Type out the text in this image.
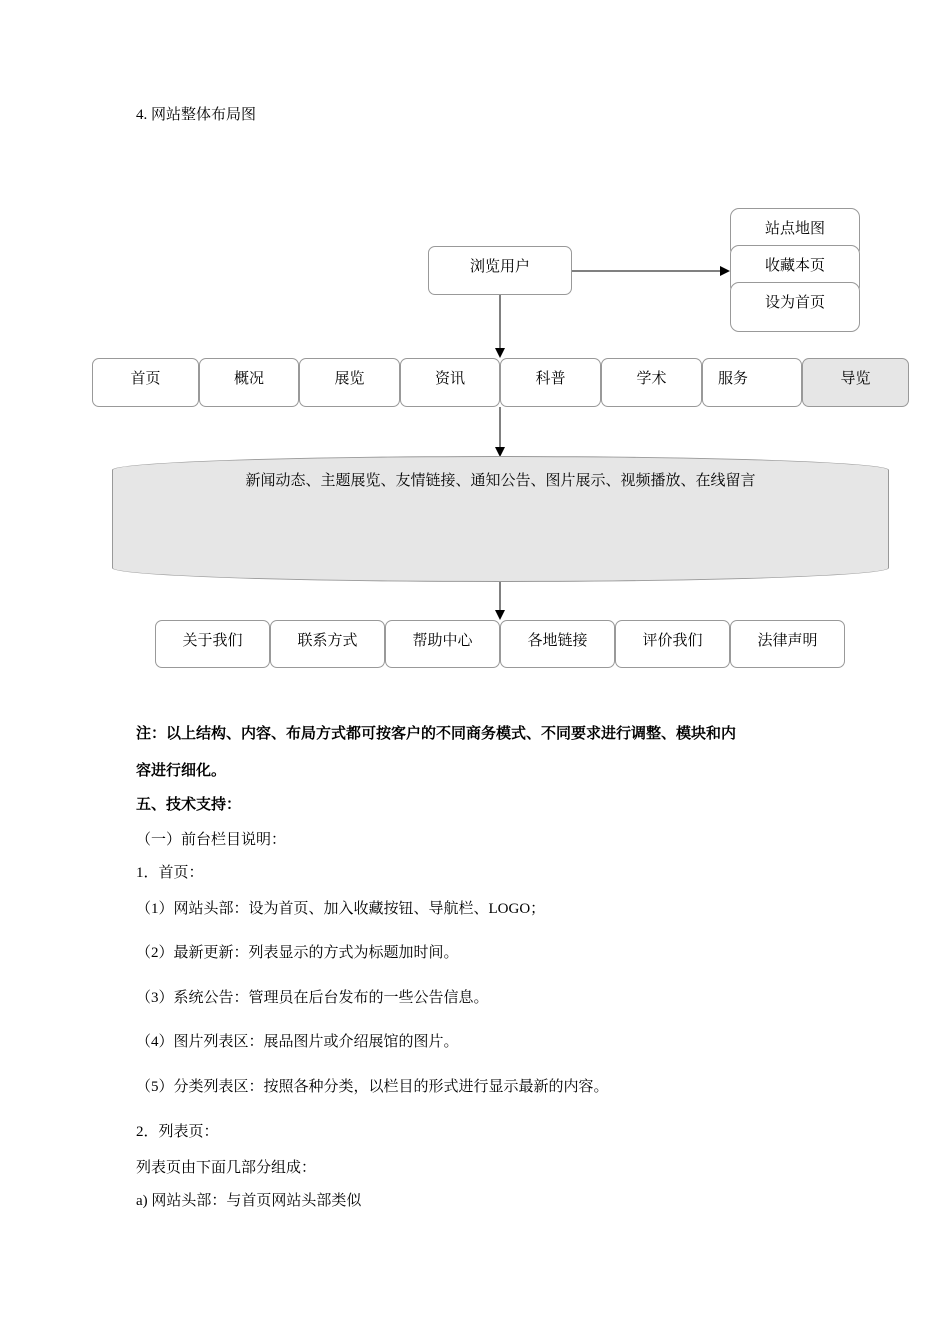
4. 网站整体布局图
浏览用户
站点地图
收藏本页
设为首页
首页	概况	展览	资讯	科普	学术	服务	导览
新闻动态、主题展览、友情链接、通知公告、图片展示、视频播放、在线留言
关于我们	联系方式	帮助中心	各地链接	评价我们	法律声明
注：以上结构、内容、布局方式都可按客户的不同商务模式、不同要求进行调整、模块和内
容进行细化。
五、技术支持：
（一）前台栏目说明：
1．首页：
（1）网站头部：设为首页、加入收藏按钮、导航栏、LOGO；
（2）最新更新：列表显示的方式为标题加时间。
（3）系统公告：管理员在后台发布的一些公告信息。
（4）图片列表区：展品图片或介绍展馆的图片。
（5）分类列表区：按照各种分类，以栏目的形式进行显示最新的内容。
2．列表页：
列表页由下面几部分组成：
a) 网站头部：与首页网站头部类似
